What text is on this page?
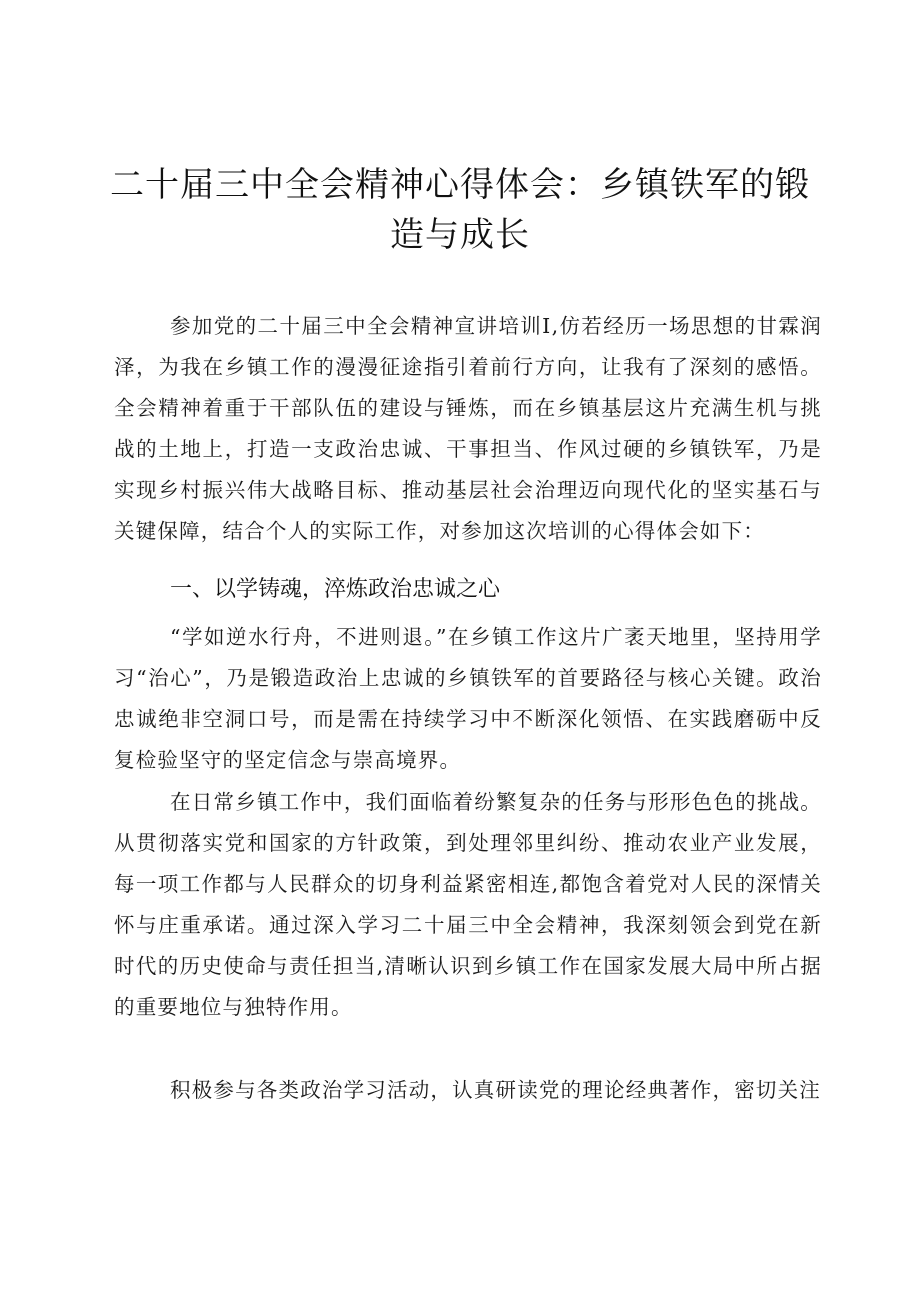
二十届三中全会精神心得体会：乡镇铁军的锻造与成长

参加党的二十届三中全会精神宣讲培训Ⅰ,仿若经历一场思想的甘霖润泽，为我在乡镇工作的漫漫征途指引着前行方向，让我有了深刻的感悟。全会精神着重于干部队伍的建设与锤炼，而在乡镇基层这片充满生机与挑战的土地上，打造一支政治忠诚、干事担当、作风过硬的乡镇铁军，乃是实现乡村振兴伟大战略目标、推动基层社会治理迈向现代化的坚实基石与关键保障，结合个人的实际工作，对参加这次培训的心得体会如下：

一、以学铸魂，淬炼政治忠诚之心

“学如逆水行舟，不进则退。”在乡镇工作这片广袤天地里，坚持用学习“治心”，乃是锻造政治上忠诚的乡镇铁军的首要路径与核心关键。政治忠诚绝非空洞口号，而是需在持续学习中不断深化领悟、在实践磨砺中反复检验坚守的坚定信念与崇高境界。

在日常乡镇工作中，我们面临着纷繁复杂的任务与形形色色的挑战。从贯彻落实党和国家的方针政策，到处理邻里纠纷、推动农业产业发展，每一项工作都与人民群众的切身利益紧密相连,都饱含着党对人民的深情关怀与庄重承诺。通过深入学习二十届三中全会精神，我深刻领会到党在新时代的历史使命与责任担当,清晰认识到乡镇工作在国家发展大局中所占据的重要地位与独特作用。

积极参与各类政治学习活动，认真研读党的理论经典著作，密切关注
